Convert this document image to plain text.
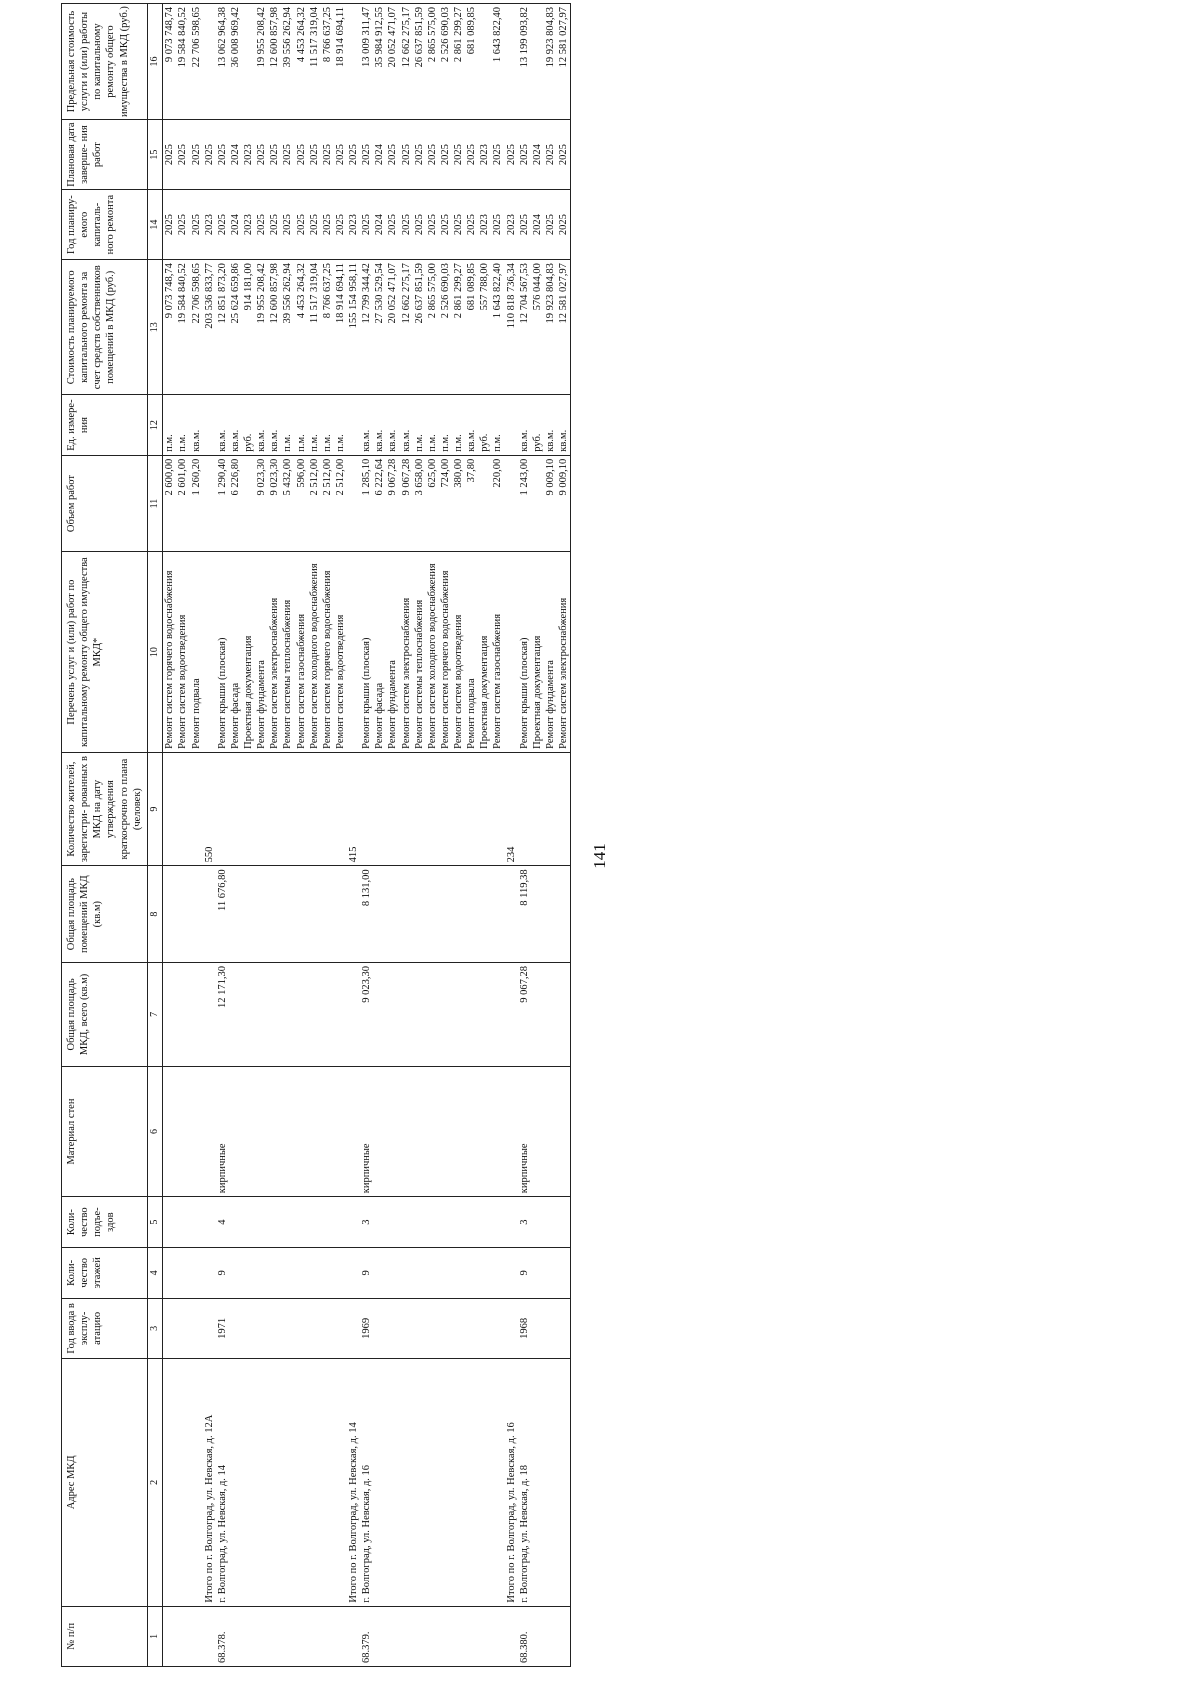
141
№ п/п	Адрес МКД	Год ввода в эксплу- атацию	Коли- чество этажей	Коли- чество подъе- здов	Материал стен	Общая площадь МКД, всего (кв.м)	Общая площадь помещений МКД (кв.м)	Количество жителей, зарегистри- рованных в МКД на дату утверждения краткосрочно го плана (человек)	Перечень услуг и (или) работ по капитальному ремонту общего имущества МКД*	Объем работ	Ед. измере- ния	Стоимость планируемого капитального ремонта за счет средств собственников помещений в МКД (руб.)	Год планиру- емого капиталь- ного ремонта	Плановая дата заверше- ния работ	Предельная стоимость услуги и (или) работы по капитальному ремонту общего имущества в МКД (руб.)
1	2	3	4	5	6	7	8	9	10	11	12	13	14	15	16
									Ремонт систем горячего водоснабжения	2 600,00	п.м.	9 073 748,74	2025	2025	9 073 748,74
									Ремонт систем водоотведения	2 601,00	п.м.	19 584 840,52	2025	2025	19 584 840,52
									Ремонт подвала	1 260,20	кв.м.	22 706 598,65	2025	2025	22 706 598,65
	Итого по г. Волгоград, ул. Невская, д. 12А							550				203 536 833,77	2023	2025	
68.378.	г. Волгоград, ул. Невская, д. 14	1971	9	4	кирпичные	12 171,30	11 676,80		Ремонт крыши (плоская)	1 290,40	кв.м.	12 851 873,20	2025	2025	13 062 964,38
									Ремонт фасада	6 226,80	кв.м.	25 624 659,86	2024	2024	36 008 969,42
									Проектная документация		руб.	914 181,00	2023	2023	
									Ремонт фундамента	9 023,30	кв.м.	19 955 208,42	2025	2025	19 955 208,42
									Ремонт систем электроснабжения	9 023,30	кв.м.	12 600 857,98	2025	2025	12 600 857,98
									Ремонт системы теплоснабжения	5 432,00	п.м.	39 556 262,94	2025	2025	39 556 262,94
									Ремонт систем газоснабжения	596,00	п.м.	4 453 264,32	2025	2025	4 453 264,32
									Ремонт систем холодного водоснабжения	2 512,00	п.м.	11 517 319,04	2025	2025	11 517 319,04
									Ремонт систем горячего водоснабжения	2 512,00	п.м.	8 766 637,25	2025	2025	8 766 637,25
									Ремонт систем водоотведения	2 512,00	п.м.	18 914 694,11	2025	2025	18 914 694,11
	Итого по г. Волгоград, ул. Невская, д. 14							415				155 154 958,11	2023	2025	
68.379.	г. Волгоград, ул. Невская, д. 16	1969	9	3	кирпичные	9 023,30	8 131,00		Ремонт крыши (плоская)	1 285,10	кв.м.	12 799 344,42	2025	2025	13 009 311,47
									Ремонт фасада	6 222,64	кв.м.	27 530 529,54	2024	2024	35 984 912,55
									Ремонт фундамента	9 067,28	кв.м.	20 052 471,07	2025	2025	20 052 471,07
									Ремонт систем электроснабжения	9 067,28	кв.м.	12 662 275,17	2025	2025	12 662 275,17
									Ремонт системы теплоснабжения	3 658,00	п.м.	26 637 851,59	2025	2025	26 637 851,59
									Ремонт систем холодного водоснабжения	625,00	п.м.	2 865 575,00	2025	2025	2 865 575,00
									Ремонт систем горячего водоснабжения	724,00	п.м.	2 526 690,03	2025	2025	2 526 690,03
									Ремонт систем водоотведения	380,00	п.м.	2 861 299,27	2025	2025	2 861 299,27
									Ремонт подвала	37,80	кв.м.	681 089,85	2025	2025	681 089,85
									Проектная документация		руб.	557 788,00	2023	2023	
									Ремонт систем газоснабжения	220,00	п.м.	1 643 822,40	2025	2025	1 643 822,40
	Итого по г. Волгоград, ул. Невская, д. 16							234				110 818 736,34	2023	2025	
68.380.	г. Волгоград, ул. Невская, д. 18	1968	9	3	кирпичные	9 067,28	8 119,38		Ремонт крыши (плоская)	1 243,00	кв.м.	12 704 567,53	2025	2025	13 199 093,82
									Проектная документация		руб.	576 044,00	2024	2024	
									Ремонт фундамента	9 009,10	кв.м.	19 923 804,83	2025	2025	19 923 804,83
									Ремонт систем электроснабжения	9 009,10	кв.м.	12 581 027,97	2025	2025	12 581 027,97
